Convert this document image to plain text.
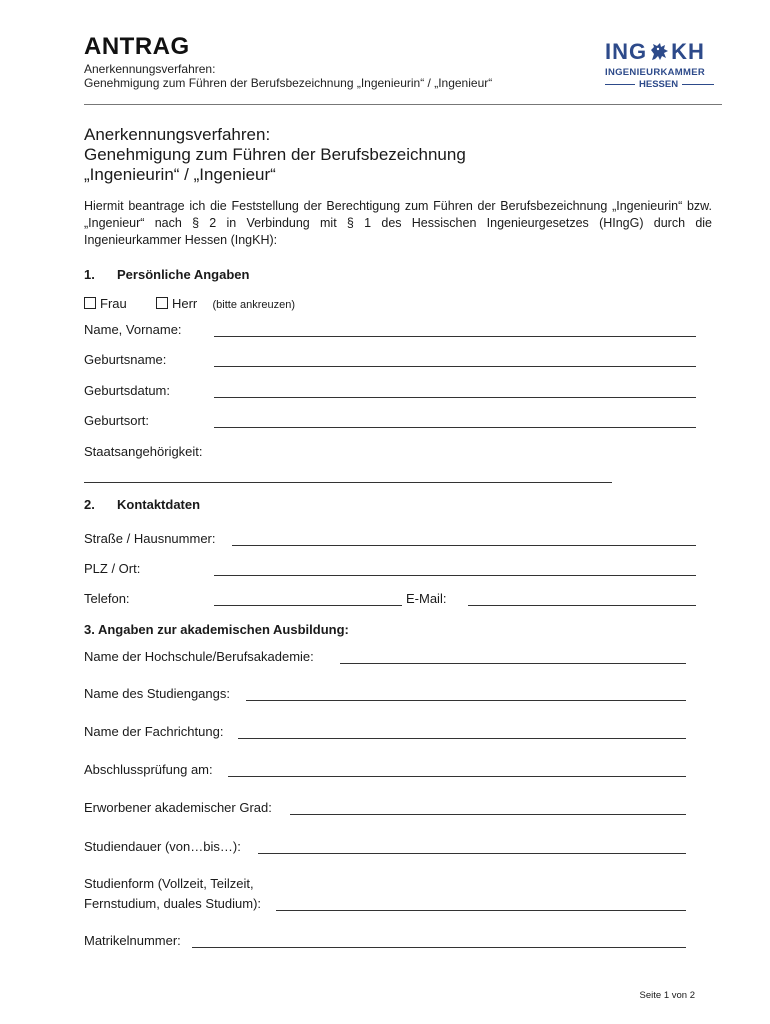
ANTRAG
Anerkennungsverfahren:
Genehmigung zum Führen der Berufsbezeichnung „Ingenieurin“ / „Ingenieur“
ING KH
INGENIEURKAMMER
HESSEN
Anerkennungsverfahren:
Genehmigung zum Führen der Berufsbezeichnung
„Ingenieurin“ / „Ingenieur“
Hiermit beantrage ich die Feststellung der Berechtigung zum Führen der Berufsbezeichnung „Ingenieurin“ bzw. „Ingenieur“ nach § 2 in Verbindung mit § 1 des Hessischen Ingenieurgesetzes (HIngG) durch die Ingenieurkammer Hessen (IngKH):
1. Persönliche Angaben
Frau	Herr (bitte ankreuzen)
Name, Vorname:
Geburtsname:
Geburtsdatum:
Geburtsort:
Staatsangehörigkeit:
2. Kontaktdaten
Straße / Hausnummer:
PLZ / Ort:
Telefon:	E-Mail:
3. Angaben zur akademischen Ausbildung:
Name der Hochschule/Berufsakademie:
Name des Studiengangs:
Name der Fachrichtung:
Abschlussprüfung am:
Erworbener akademischer Grad:
Studiendauer (von…bis…):
Studienform (Vollzeit, Teilzeit,
Fernstudium, duales Studium):
Matrikelnummer:
Seite 1 von 2
